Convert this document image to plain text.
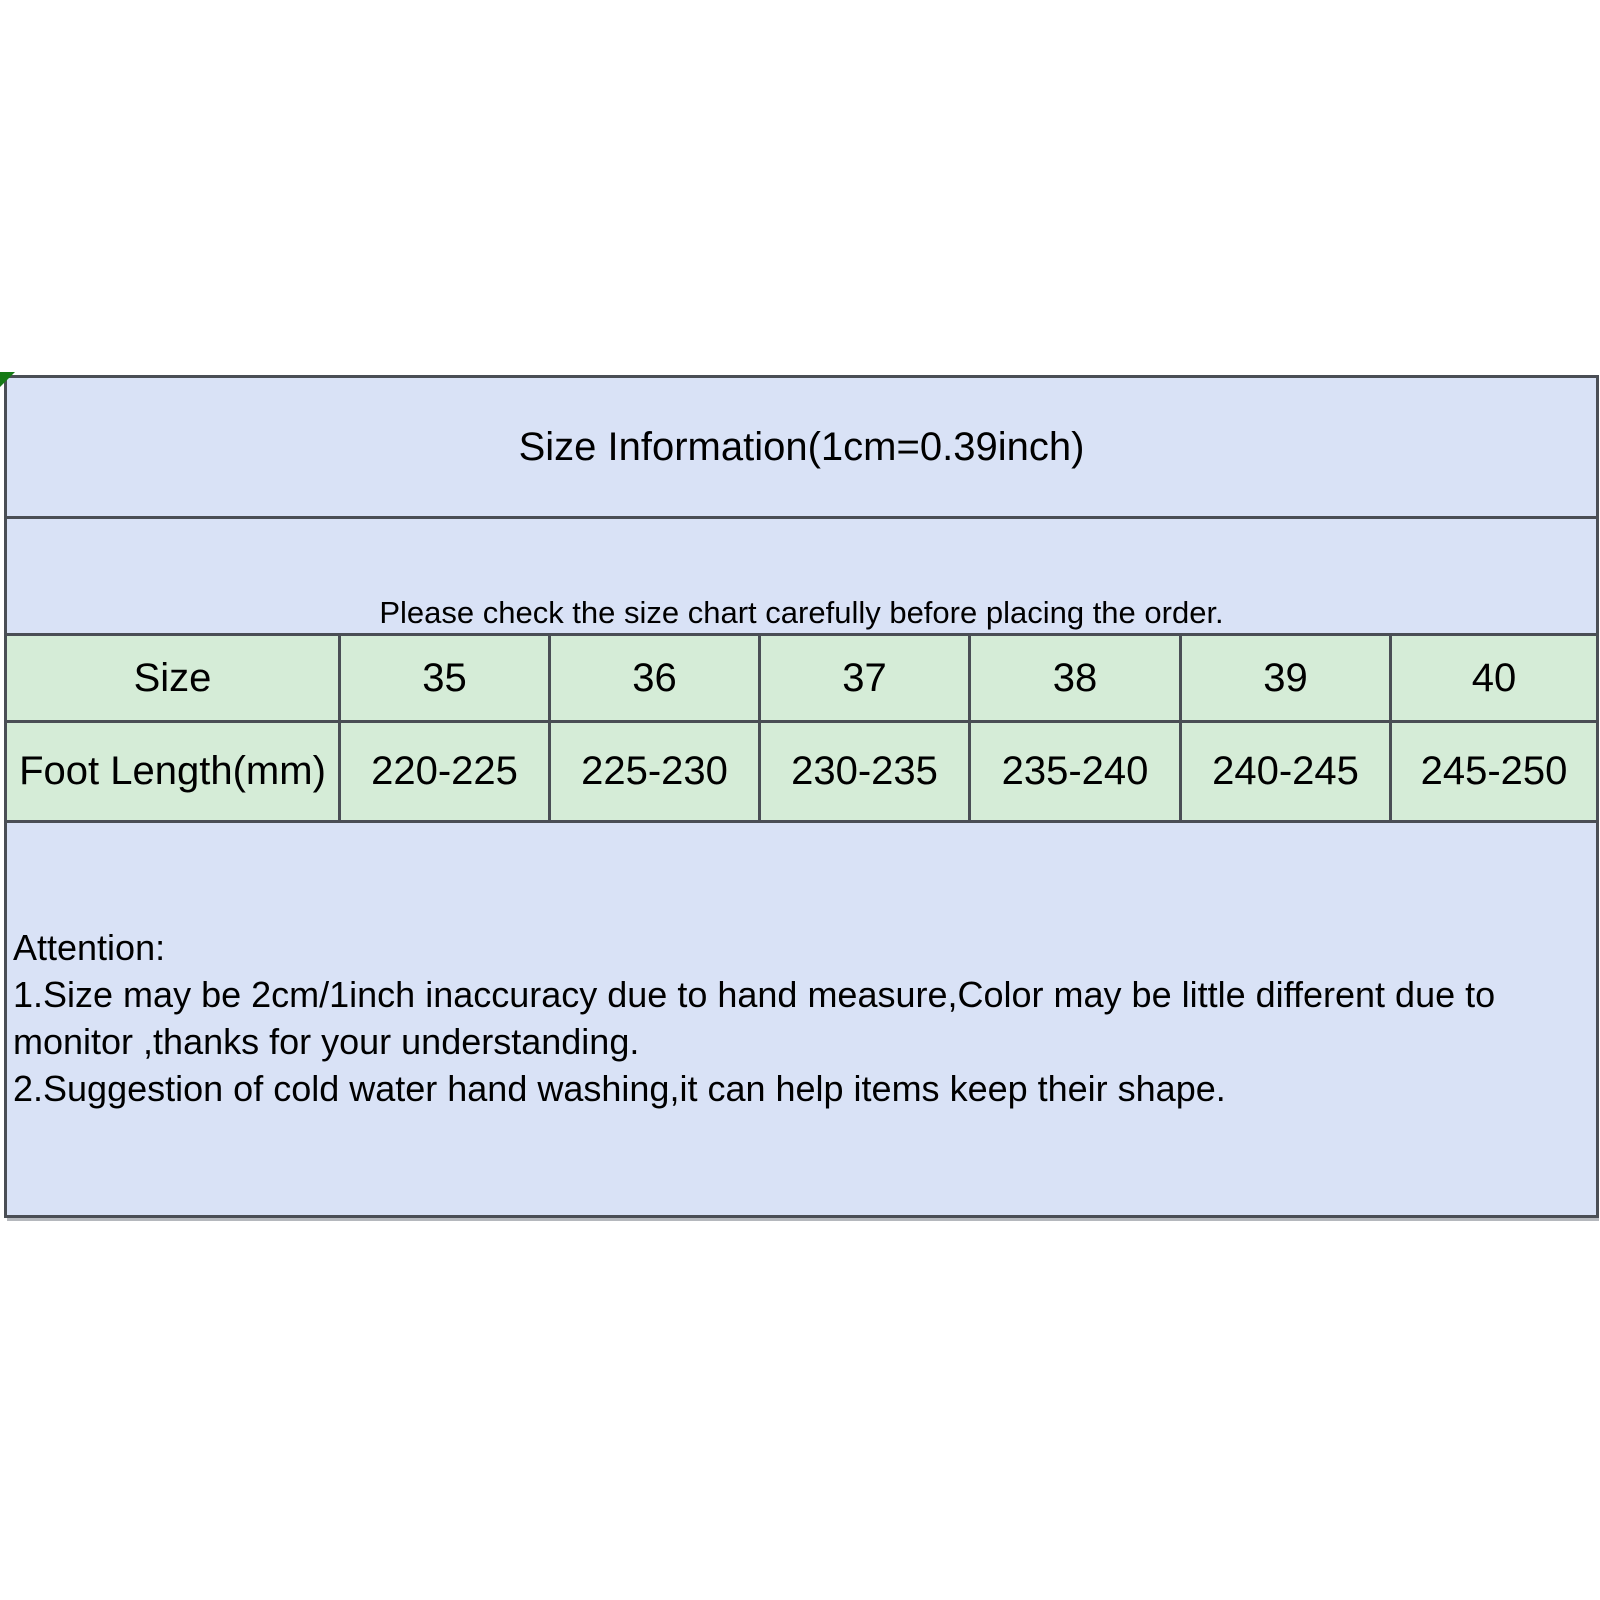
Size Information(1cm=0.39inch)						
Please check the size chart carefully before placing the order.						
Size	35	36	37	38	39	40
Foot Length(mm)	220-225	225-230	230-235	235-240	240-245	245-250

Attention:
1.Size may be 2cm/1inch inaccuracy due to hand measure,Color may be little different due to monitor ,thanks for your understanding.
2.Suggestion of cold water hand washing,it can help items keep their shape.						
